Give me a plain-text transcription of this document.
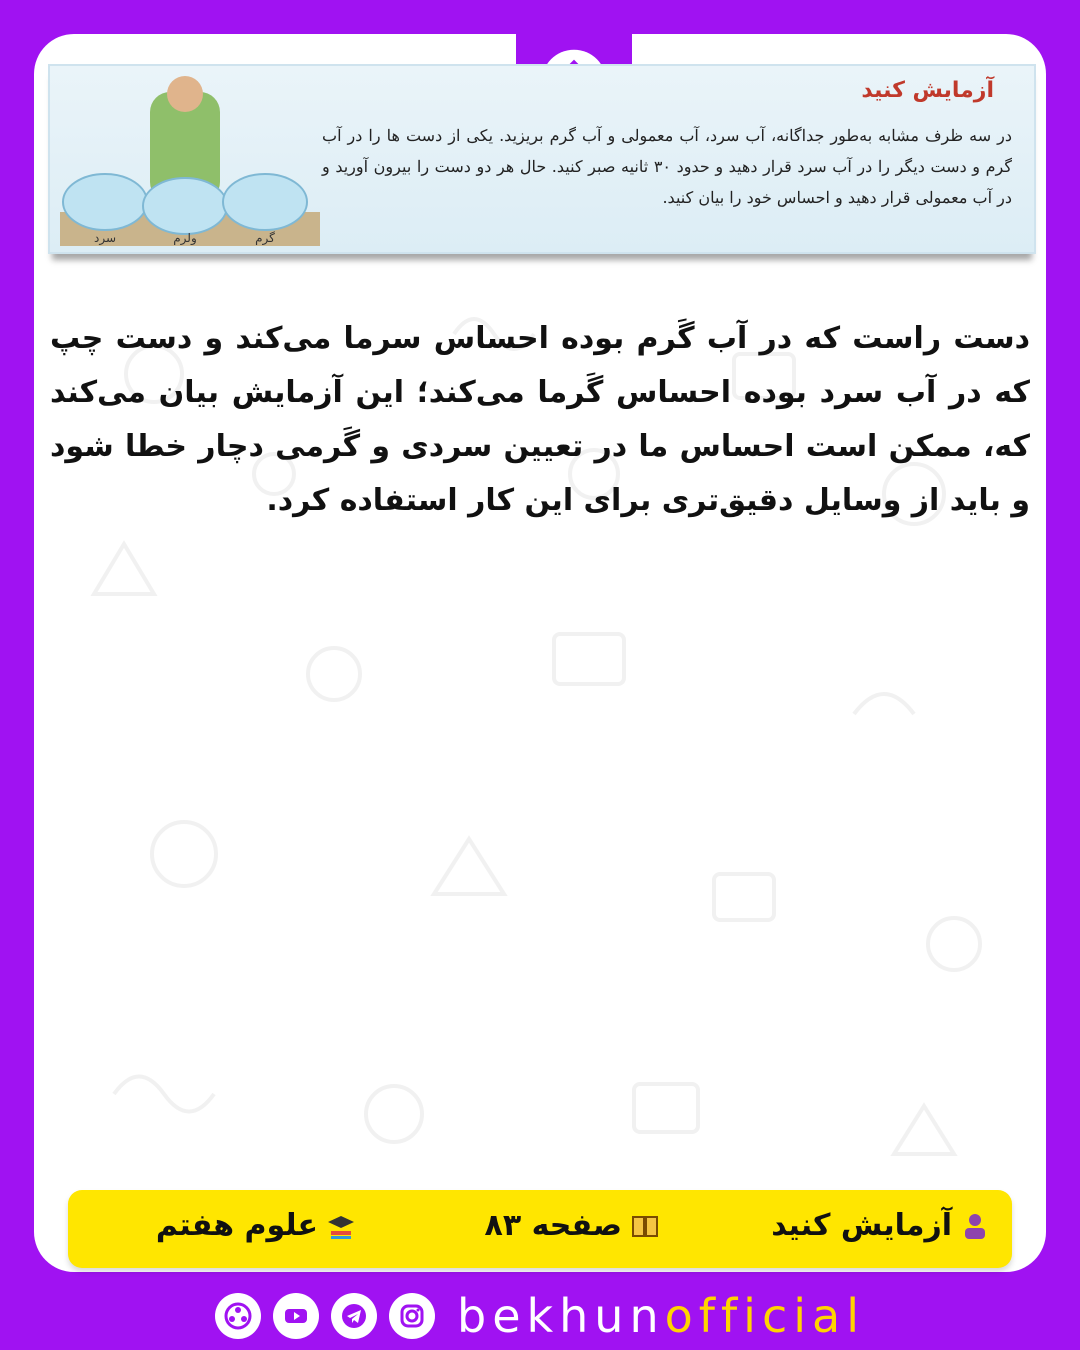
گرم
ولرم
سرد
آزمایش کنید
در سه ظرف مشابه به‌طور جداگانه، آب سرد، آب معمولی و آب گرم بریزید. یکی از دست ها را در آب گرم و دست دیگر را در آب سرد قرار دهید و حدود ۳۰ ثانیه صبر کنید. حال هر دو دست را بیرون آورید و در آب معمولی قرار دهید و احساس خود را بیان کنید.
دست راست که در آب گَرم بوده احساس سرما می‌کند و دست چپ که در آب سرد بوده احساس گَرما می‌کند؛ این آزمایش بیان می‌کند که، ممکن است احساس ما در تعیین سردی و گَرمی دچار خطا شود و باید از وسایل دقیق‌تری برای این کار استفاده کرد.
آزمایش کنید
صفحه ۸۳
علوم هفتم
bekhunofficial
